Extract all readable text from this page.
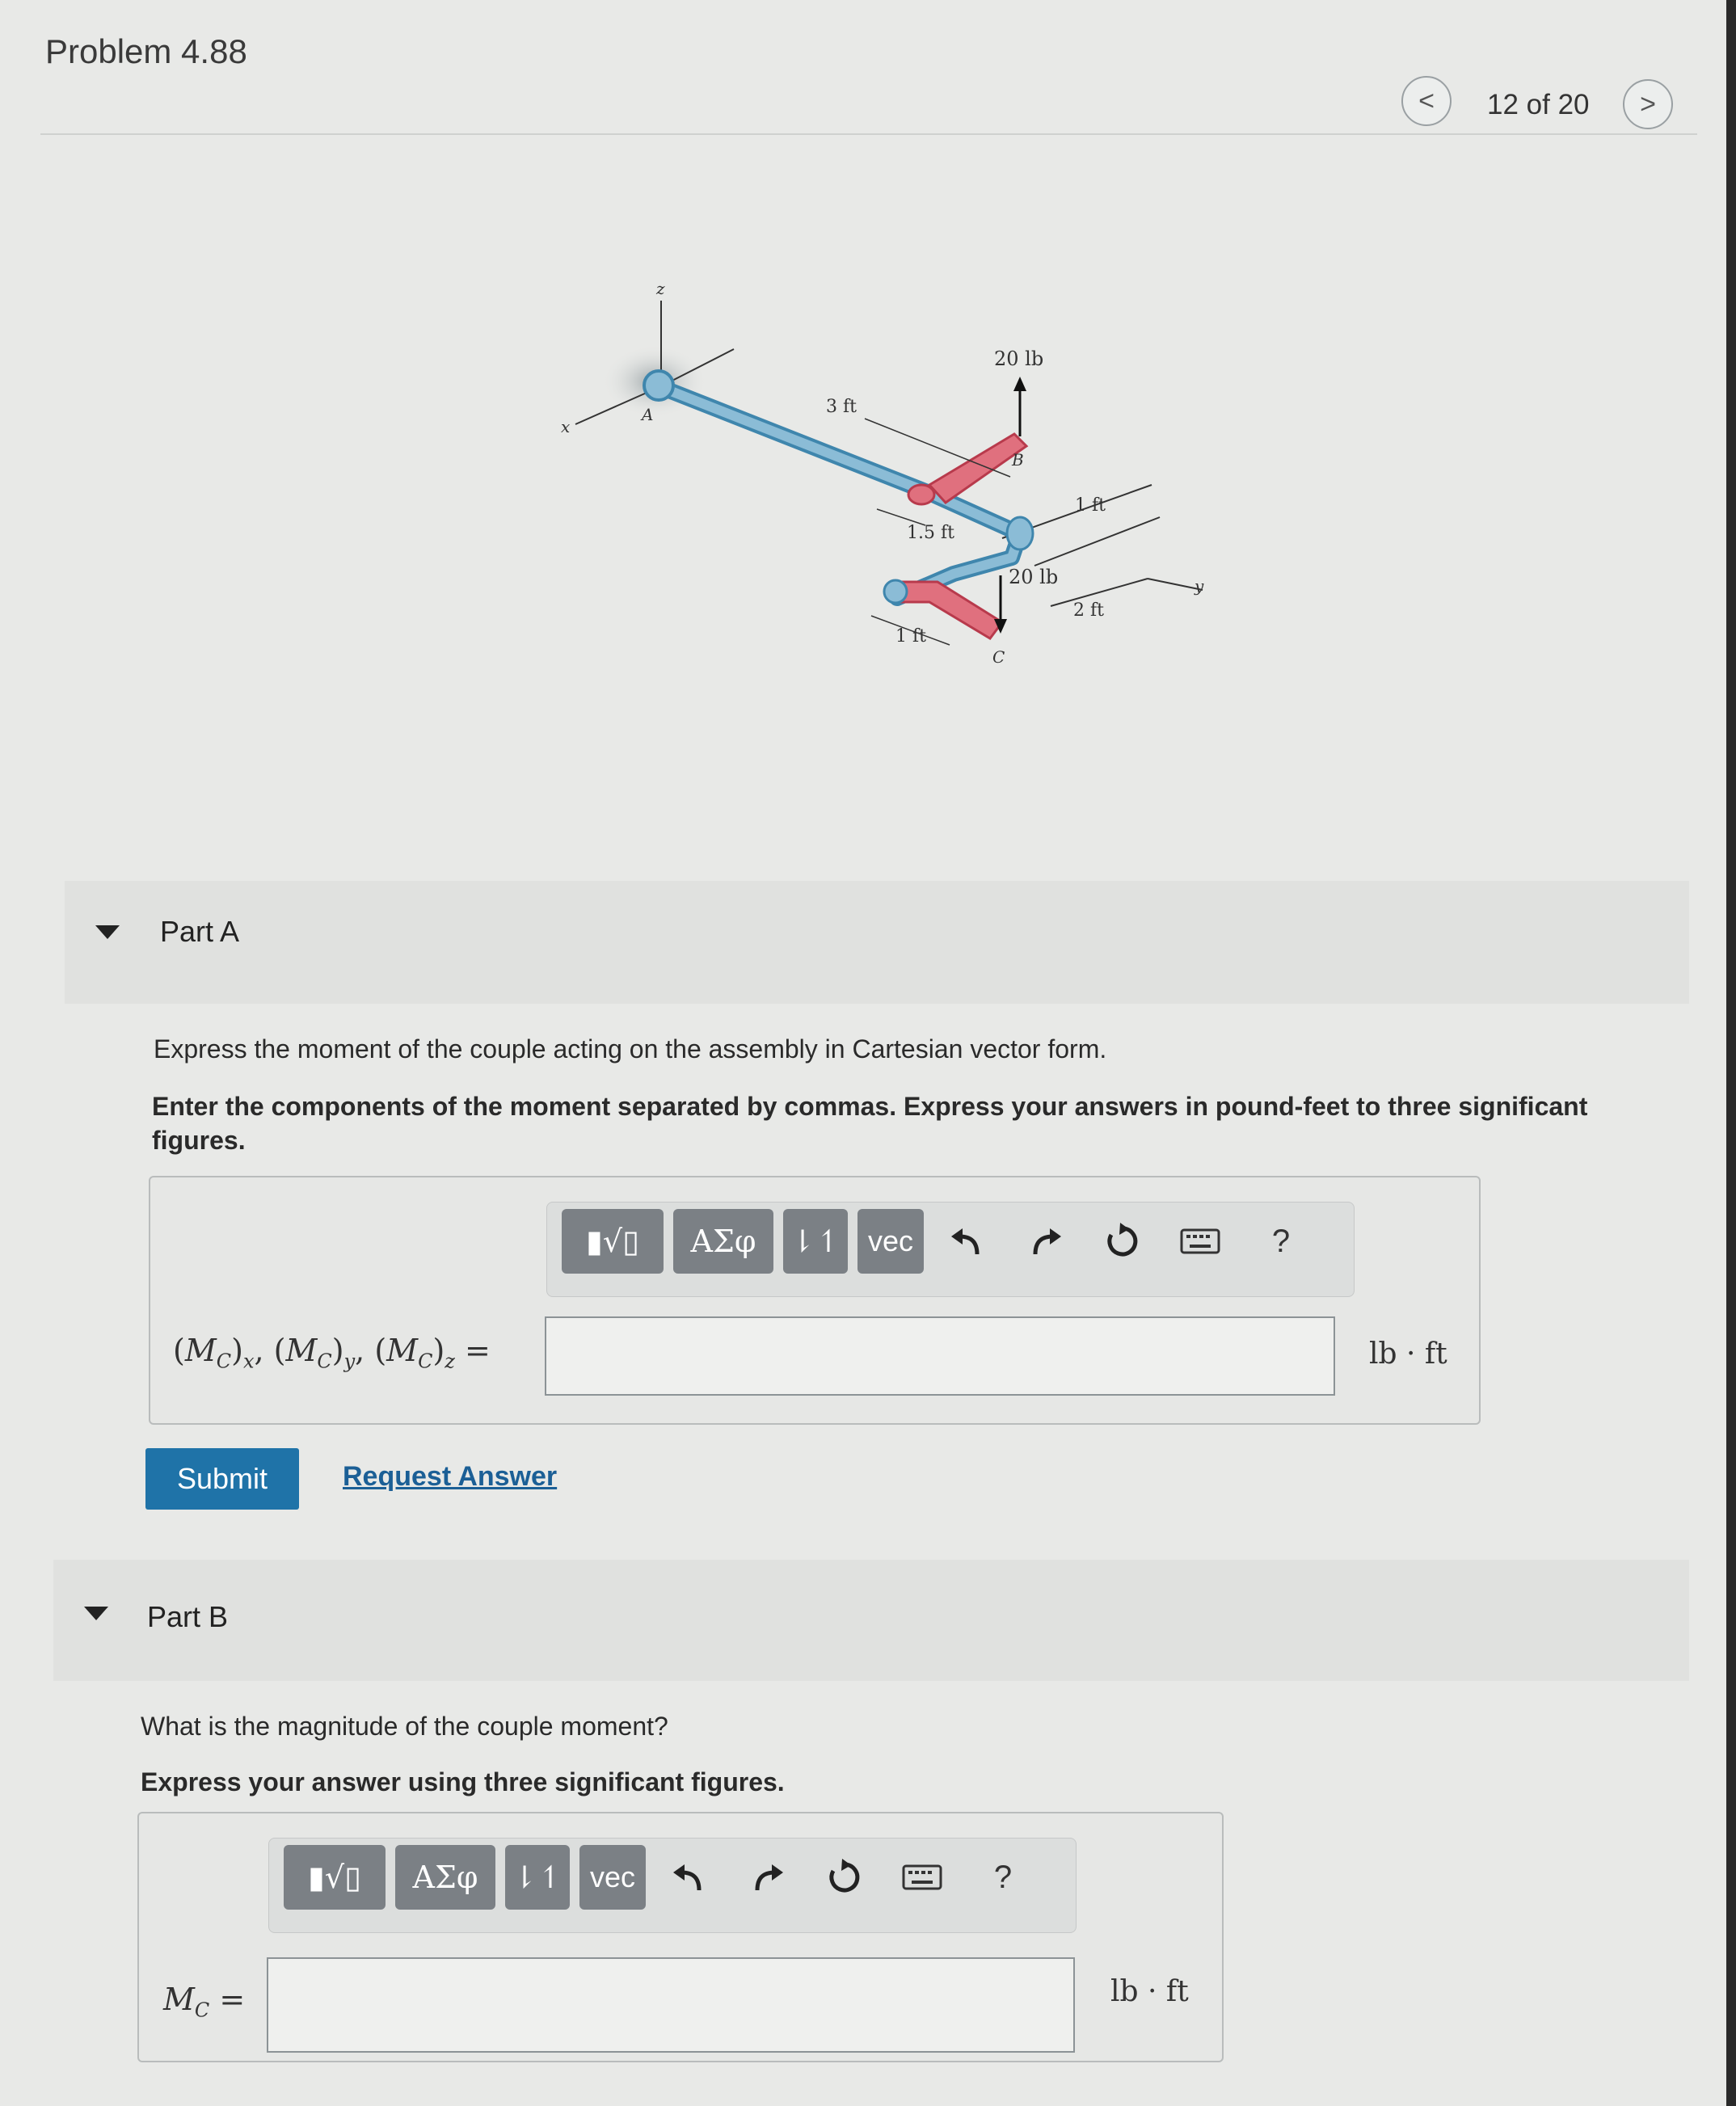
Problem 4.88
< 12 of 20 >
z
x
y
A
B
C
3 ft
1.5 ft
1 ft
1 ft
2 ft
20 lb
20 lb
Part A
Express the moment of the couple acting on the assembly in Cartesian vector form.
Enter the components of the moment separated by commas. Express your answers in pound-feet to three significant
figures.
▮√▯	ΑΣφ	⇂↿ vec	?
$(M_C)_x$, $(M_C)_y$, $(M_C)_z$ =	lb · ft
Submit	Request Answer
Part B
What is the magnitude of the couple moment?
Express your answer using three significant figures.
▮√▯	ΑΣφ	⇂↿ vec	?
$M_C$ =	lb · ft
